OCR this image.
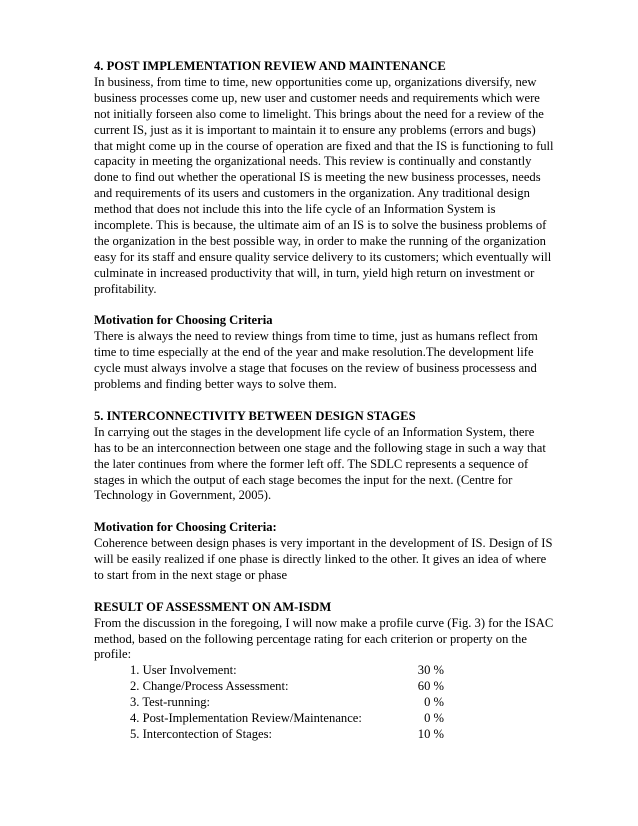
4. POST IMPLEMENTATION REVIEW AND MAINTENANCE

In business, from time to time, new opportunities come up, organizations diversify, new business processes come up, new user and customer needs and requirements which were not initially forseen also come to limelight. This brings about the need for a review of the current IS, just as it is important to maintain it to ensure any problems (errors and bugs) that might come up in the course of operation are fixed and that the IS is functioning to full capacity in meeting the organizational needs. This review is continually and constantly done to find out whether the operational IS is meeting the new business processes, needs and requirements of its users and customers in the organization. Any traditional design method that does not include this into the life cycle of an Information System is incomplete. This is because, the ultimate aim of an IS is to solve the business problems of the organization in the best possible way, in order to make the running of the organization easy for its staff and ensure quality service delivery to its customers; which eventually will culminate in increased productivity that will, in turn, yield high return on investment or profitability.

Motivation for Choosing Criteria

There is always the need to review things from time to time, just as humans reflect from time to time especially at the end of the year and make resolution.The development life cycle must always involve a stage that focuses on the review of business processess and problems and finding better ways to solve them.

5. INTERCONNECTIVITY BETWEEN DESIGN STAGES

In carrying out the stages in the development life cycle of an Information System, there has to be an interconnection between one stage and the following stage in such a way that the later continues from where the former left off. The SDLC represents a sequence of stages in which the output of each stage becomes the input for the next. (Centre for Technology in Government, 2005).

Motivation for Choosing Criteria:

Coherence between design phases is very important in the development of IS. Design of IS will be easily realized if one phase is directly linked to the other. It gives an idea of where to start from in the next stage or phase

RESULT OF ASSESSMENT ON AM-ISDM

From the discussion in the foregoing, I will now make a profile curve (Fig. 3) for the ISAC method, based on the following percentage rating for each criterion or property on the profile:

1. User Involvement:	30 %
2. Change/Process Assessment:	60 %
3. Test-running:	0 %
4. Post-Implementation Review/Maintenance:	0 %
5. Intercontection of Stages:	10 %
